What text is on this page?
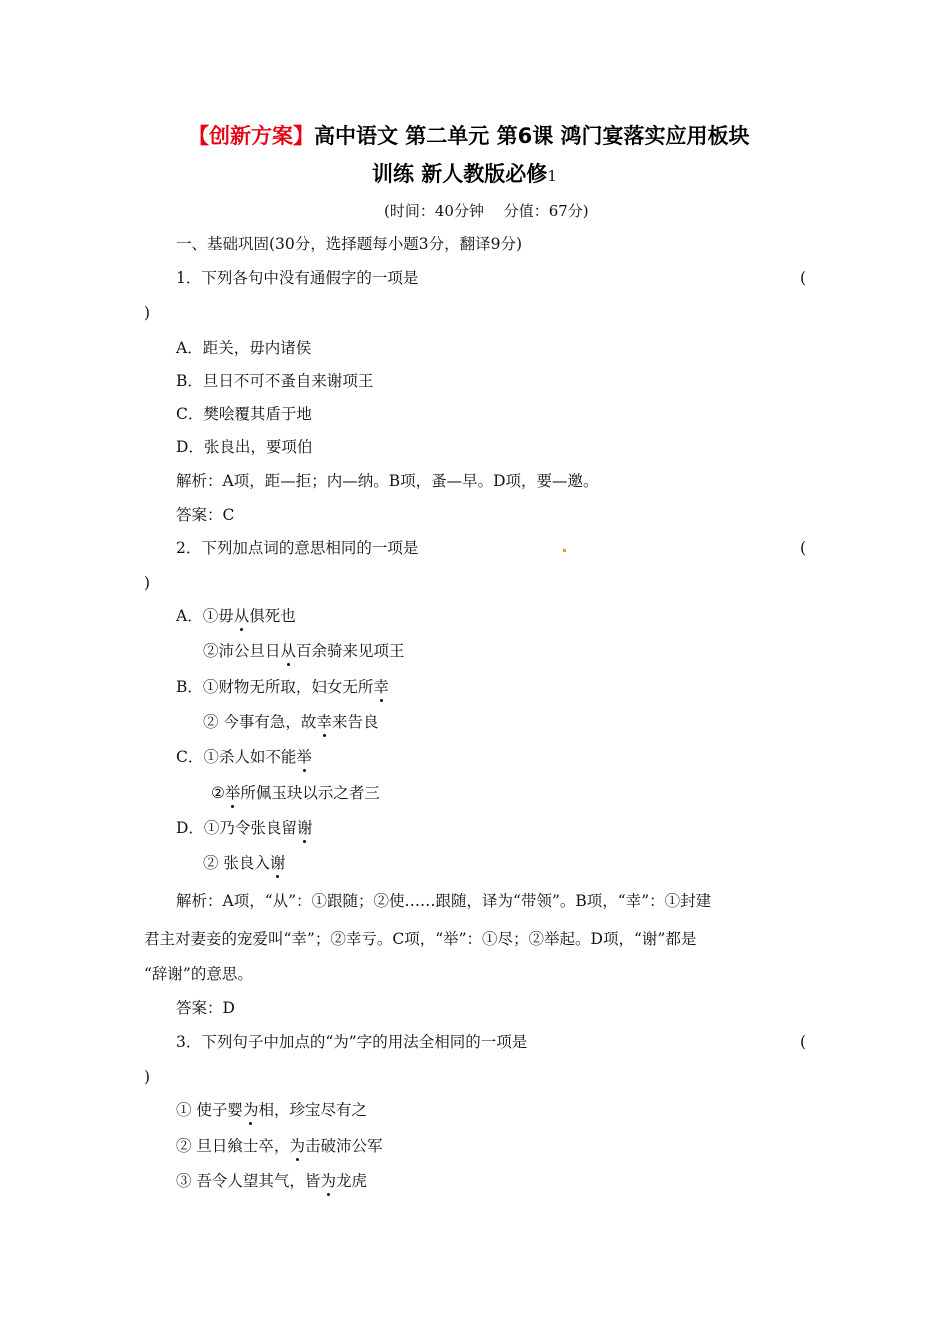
【创新方案】高中语文 第二单元 第6课 鸿门宴落实应用板块
训练 新人教版必修1
(时间：40分钟　 分值：67分)
一、基础巩固(30分，选择题每小题3分，翻译9分)
1．下列各句中没有通假字的一项是	(
)
A．距关，毋内诸侯
B．旦日不可不蚤自来谢项王
C．樊哙覆其盾于地
D．张良出，要项伯
解析：A项，距—拒；内—纳。B项，蚤—早。D项，要—邀。
答案：C
2．下列加点词的意思相同的一项是	(
)
A．①毋从俱死也
②沛公旦日从百余骑来见项王
B．①财物无所取，妇女无所幸
② 今事有急，故幸来告良
C．①杀人如不能举
②举所佩玉玦以示之者三
D．①乃令张良留谢
② 张良入谢
解析：A项，“从”：①跟随；②使……跟随，译为“带领”。B项，“幸”：①封建
君主对妻妾的宠爱叫“幸”；②幸亏。C项，“举”：①尽；②举起。D项，“谢”都是
“辞谢”的意思。
答案：D
3．下列句子中加点的“为”字的用法全相同的一项是	(
)
① 使子婴为相，珍宝尽有之
② 旦日飨士卒，为击破沛公军
③ 吾令人望其气，皆为龙虎
